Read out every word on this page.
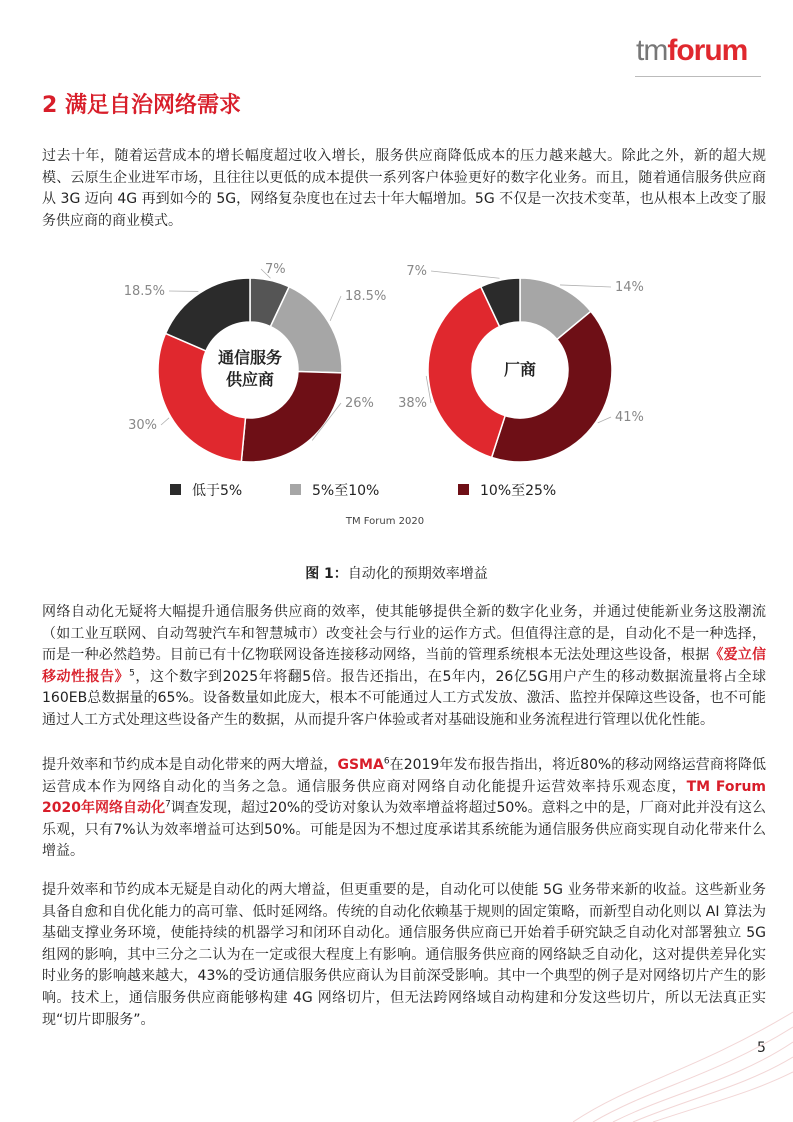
tmforum
2 满足自治网络需求

过去十年，随着运营成本的增长幅度超过收入增长，服务供应商降低成本的压力越来越大。除此之外，新的超大规模、云原生企业进军市场，且往往以更低的成本提供一系列客户体验更好的数字化业务。而且，随着通信服务供应商从 3G 迈向 4G 再到如今的 5G，网络复杂度也在过去十年大幅增加。5G 不仅是一次技术变革，也从根本上改变了服务供应商的商业模式。

7%
18.5%
26%
30%
18.5%
通信服务
供应商
14%
41%
38%
7%
厂商
低于5%	5%至10%	10%至25%
TM Forum 2020
图 1：自动化的预期效率增益

网络自动化无疑将大幅提升通信服务供应商的效率，使其能够提供全新的数字化业务，并通过使能新业务这股潮流（如工业互联网、自动驾驶汽车和智慧城市）改变社会与行业的运作方式。但值得注意的是，自动化不是一种选择，而是一种必然趋势。目前已有十亿物联网设备连接移动网络，当前的管理系统根本无法处理这些设备，根据《爱立信移动性报告》$^5$，这个数字到2025年将翻5倍。报告还指出，在5年内，26亿5G用户产生的移动数据流量将占全球160EB总数据量的65%。设备数量如此庞大，根本不可能通过人工方式发放、激活、监控并保障这些设备，也不可能通过人工方式处理这些设备产生的数据，从而提升客户体验或者对基础设施和业务流程进行管理以优化性能。

提升效率和节约成本是自动化带来的两大增益，GSMA$^6$在2019年发布报告指出，将近80%的移动网络运营商将降低运营成本作为网络自动化的当务之急。通信服务供应商对网络自动化能提升运营效率持乐观态度，TM Forum 2020年网络自动化$^7$调查发现，超过20%的受访对象认为效率增益将超过50%。意料之中的是，厂商对此并没有这么乐观，只有7%认为效率增益可达到50%。可能是因为不想过度承诺其系统能为通信服务供应商实现自动化带来什么增益。

提升效率和节约成本无疑是自动化的两大增益，但更重要的是，自动化可以使能 5G 业务带来新的收益。这些新业务具备自愈和自优化能力的高可靠、低时延网络。传统的自动化依赖基于规则的固定策略，而新型自动化则以 AI 算法为基础支撑业务环境，使能持续的机器学习和闭环自动化。通信服务供应商已开始着手研究缺乏自动化对部署独立 5G 组网的影响，其中三分之二认为在一定或很大程度上有影响。通信服务供应商的网络缺乏自动化，这对提供差异化实时业务的影响越来越大，43%的受访通信服务供应商认为目前深受影响。其中一个典型的例子是对网络切片产生的影响。技术上，通信服务供应商能够构建 4G 网络切片，但无法跨网络域自动构建和分发这些切片，所以无法真正实现“切片即服务”。

5
